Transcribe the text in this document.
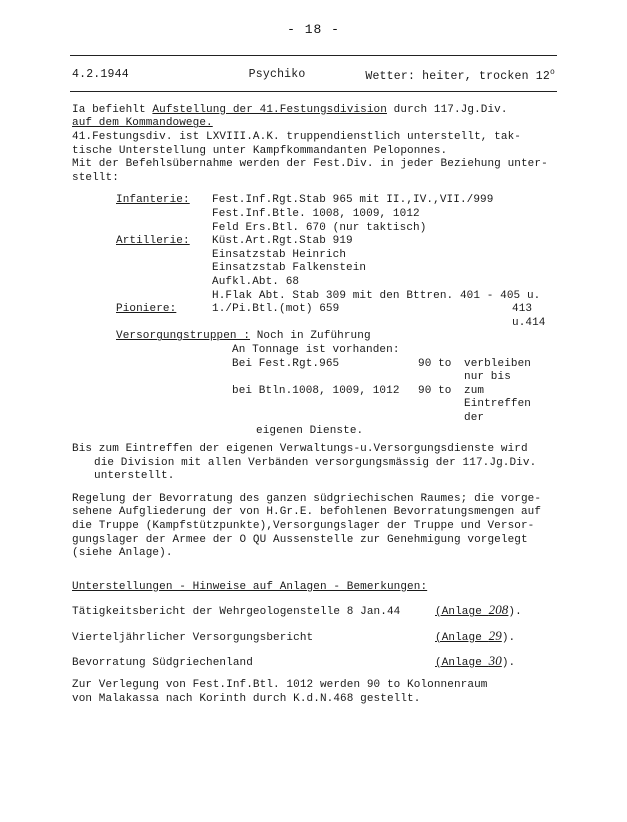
- 18 -
4.2.1944	Psychiko	Wetter: heiter, trocken 12$^o$
Ia befiehlt Aufstellung der 41.Festungsdivision durch 117.Jg.Div.
auf dem Kommandowege.
41.Festungsdiv. ist LXVIII.A.K. truppendienstlich unterstellt, tak-
tische Unterstellung unter Kampfkommandanten Peloponnes.
Mit der Befehlsübernahme werden der Fest.Div. in jeder Beziehung unter-
stellt:
Infanterie:	Fest.Inf.Rgt.Stab 965 mit II.,IV.,VII./999
Fest.Inf.Btle. 1008, 1009, 1012
Feld Ers.Btl. 670 (nur taktisch)
Artillerie:	Küst.Art.Rgt.Stab 919
Einsatzstab Heinrich
Einsatzstab Falkenstein
Aufkl.Abt. 68
H.Flak Abt. Stab 309 mit den Bttren. 401 - 405 u.
Pioniere:	1./Pi.Btl.(mot) 659	413 u.414
Versorgungstruppen : Noch in Zuführung
An Tonnage ist vorhanden:
Bei Fest.Rgt.965	90 to	verbleiben nur bis
bei Btln.1008, 1009, 1012	90 to	zum Eintreffen der
eigenen Dienste.
Bis zum Eintreffen der eigenen Verwaltungs-u.Versorgungsdienste wird
die Division mit allen Verbänden versorgungsmässig der 117.Jg.Div.
unterstellt.
Regelung der Bevorratung des ganzen südgriechischen Raumes; die vorge-
sehene Aufgliederung der von H.Gr.E. befohlenen Bevorratungsmengen auf
die Truppe (Kampfstützpunkte),Versorgungslager der Truppe und Versor-
gungslager der Armee der O QU Aussenstelle zur Genehmigung vorgelegt
(siehe Anlage).
Unterstellungen - Hinweise auf Anlagen - Bemerkungen:
Tätigkeitsbericht der Wehrgeologenstelle 8 Jan.44	(Anlage 208).
Vierteljährlicher Versorgungsbericht	(Anlage 29).
Bevorratung Südgriechenland	(Anlage 30).
Zur Verlegung von Fest.Inf.Btl. 1012 werden 90 to Kolonnenraum
von Malakassa nach Korinth durch K.d.N.468 gestellt.
